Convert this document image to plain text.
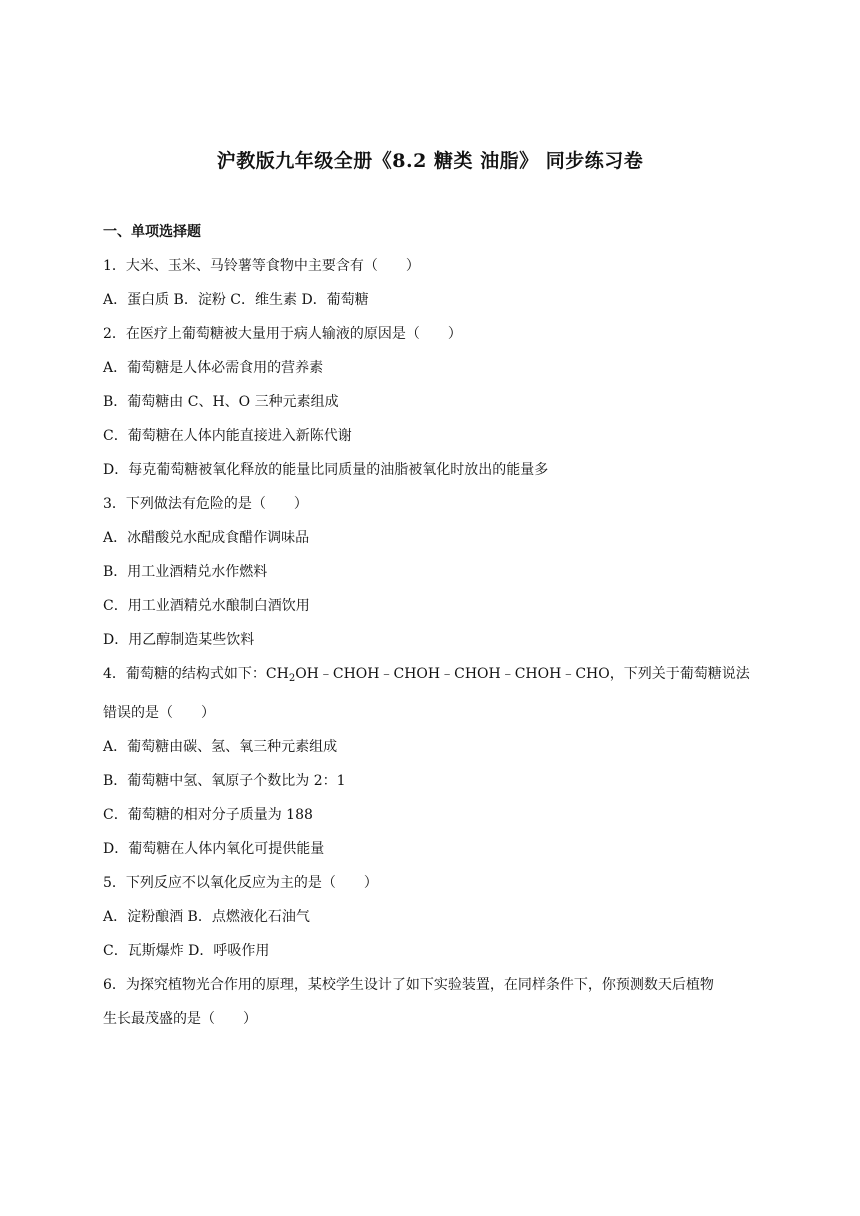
沪教版九年级全册《8.2 糖类 油脂》 同步练习卷
一、单项选择题
1．大米、玉米、马铃薯等食物中主要含有（　　）
A．蛋白质 B．淀粉 C．维生素 D．葡萄糖
2．在医疗上葡萄糖被大量用于病人输液的原因是（　　）
A．葡萄糖是人体必需食用的营养素
B．葡萄糖由 C、H、O 三种元素组成
C．葡萄糖在人体内能直接进入新陈代谢
D．每克葡萄糖被氧化释放的能量比同质量的油脂被氧化时放出的能量多
3．下列做法有危险的是（　　）
A．冰醋酸兑水配成食醋作调味品
B．用工业酒精兑水作燃料
C．用工业酒精兑水酿制白酒饮用
D．用乙醇制造某些饮料
4．葡萄糖的结构式如下：$CH_2OH﹣CHOH﹣CHOH﹣CHOH﹣CHOH﹣CHO$，下列关于葡萄糖说法
错误的是（　　）
A．葡萄糖由碳、氢、氧三种元素组成
B．葡萄糖中氢、氧原子个数比为 2：1
C．葡萄糖的相对分子质量为 188
D．葡萄糖在人体内氧化可提供能量
5．下列反应不以氧化反应为主的是（　　）
A．淀粉酿酒 B．点燃液化石油气
C．瓦斯爆炸 D．呼吸作用
6．为探究植物光合作用的原理，某校学生设计了如下实验装置，在同样条件下，你预测数天后植物
生长最茂盛的是（　　）
